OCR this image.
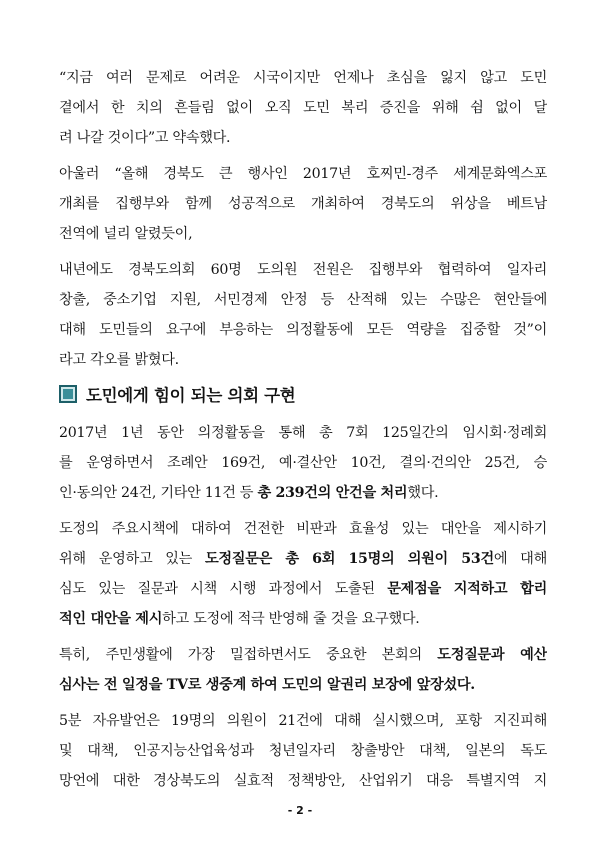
“지금 여러 문제로 어려운 시국이지만 언제나 초심을 잃지 않고 도민
곁에서 한 치의 흔들림 없이 오직 도민 복리 증진을 위해 쉼 없이 달
려 나갈 것이다”고 약속했다.
아울러 “올해 경북도 큰 행사인 2017년 호찌민-경주 세계문화엑스포
개최를 집행부와 함께 성공적으로 개최하여 경북도의 위상을 베트남
전역에 널리 알렸듯이,
내년에도 경북도의회 60명 도의원 전원은 집행부와 협력하여 일자리
창출, 중소기업 지원, 서민경제 안정 등 산적해 있는 수많은 현안들에
대해 도민들의 요구에 부응하는 의정활동에 모든 역량을 집중할 것”이
라고 각오를 밝혔다.
도민에게 힘이 되는 의회 구현
2017년 1년 동안 의정활동을 통해 총 7회 125일간의 임시회·정례회
를 운영하면서 조례안 169건, 예·결산안 10건, 결의·건의안 25건, 승
인·동의안 24건, 기타안 11건 등 총 239건의 안건을 처리했다.
도정의 주요시책에 대하여 건전한 비판과 효율성 있는 대안을 제시하기
위해 운영하고 있는 도정질문은 총 6회 15명의 의원이 53건에 대해
심도 있는 질문과 시책 시행 과정에서 도출된 문제점을 지적하고 합리
적인 대안을 제시하고 도정에 적극 반영해 줄 것을 요구했다.
특히, 주민생활에 가장 밀접하면서도 중요한 본회의 도정질문과 예산
심사는 전 일정을 TV로 생중계 하여 도민의 알권리 보장에 앞장섰다.
5분 자유발언은 19명의 의원이 21건에 대해 실시했으며, 포항 지진피해
및 대책, 인공지능산업육성과 청년일자리 창출방안 대책, 일본의 독도
망언에 대한 경상북도의 실효적 정책방안, 산업위기 대응 특별지역 지
- 2 -
